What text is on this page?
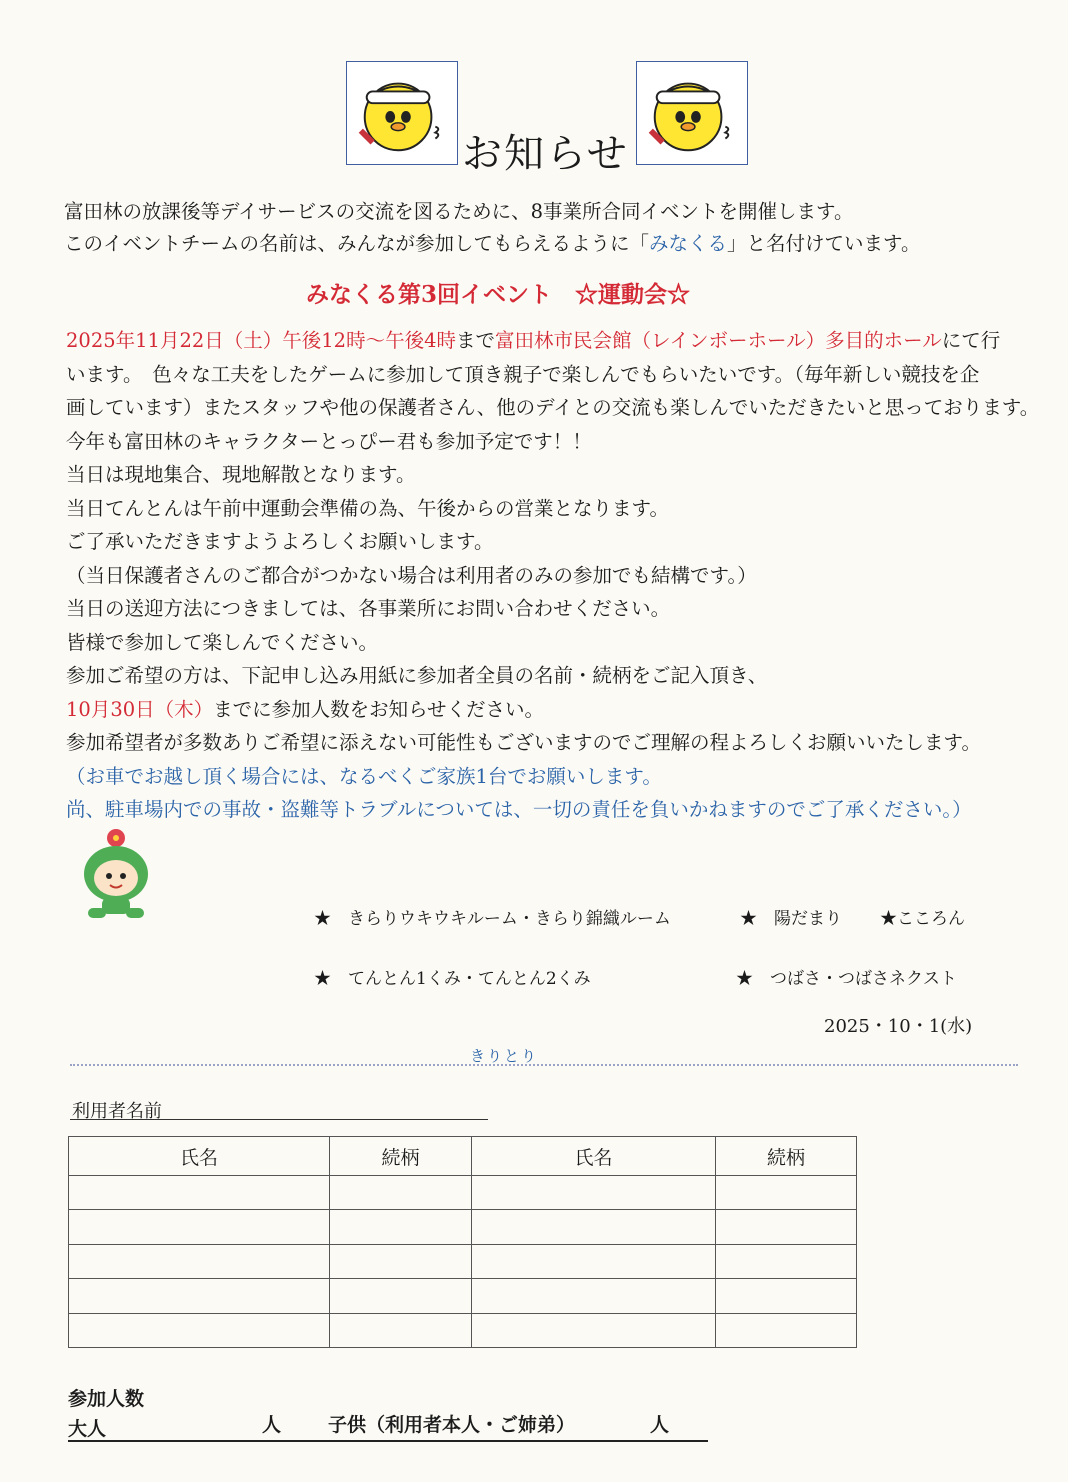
お知らせ
富田林の放課後等デイサービスの交流を図るために、8事業所合同イベントを開催します。
このイベントチームの名前は、みんなが参加してもらえるように「みなくる」と名付けています。
みなくる第3回イベント　☆運動会☆

2025年11月22日（土）午後12時～午後4時まで富田林市民会館（レインボーホール）多目的ホールにて行

います。　色々な工夫をしたゲームに参加して頂き親子で楽しんでもらいたいです。（毎年新しい競技を企

画しています）またスタッフや他の保護者さん、他のデイとの交流も楽しんでいただきたいと思っております。

今年も富田林のキャラクターとっぴー君も参加予定です！！

当日は現地集合、現地解散となります。

当日てんとんは午前中運動会準備の為、午後からの営業となります。

ご了承いただきますようよろしくお願いします。

（当日保護者さんのご都合がつかない場合は利用者のみの参加でも結構です。）

当日の送迎方法につきましては、各事業所にお問い合わせください。

皆様で参加して楽しんでください。

参加ご希望の方は、下記申し込み用紙に参加者全員の名前・続柄をご記入頂き、

10月30日（木）までに参加人数をお知らせください。

参加希望者が多数ありご希望に添えない可能性もございますのでご理解の程よろしくお願いいたします。

（お車でお越し頂く場合には、なるべくご家族1台でお願いします。

尚、駐車場内での事故・盗難等トラブルについては、一切の責任を負いかねますのでご了承ください。）

★　きらりウキウキルーム・きらり錦織ルーム	★　陽だまり ★こころん
★　てんとん1くみ・てんとん2くみ	★　つばさ・つばさネクスト
2025・10・1(水)
きりとり
利用者名前
氏名	続柄	氏名	続柄

参加人数
大人	人 子供（利用者本人・ご姉弟）	人
